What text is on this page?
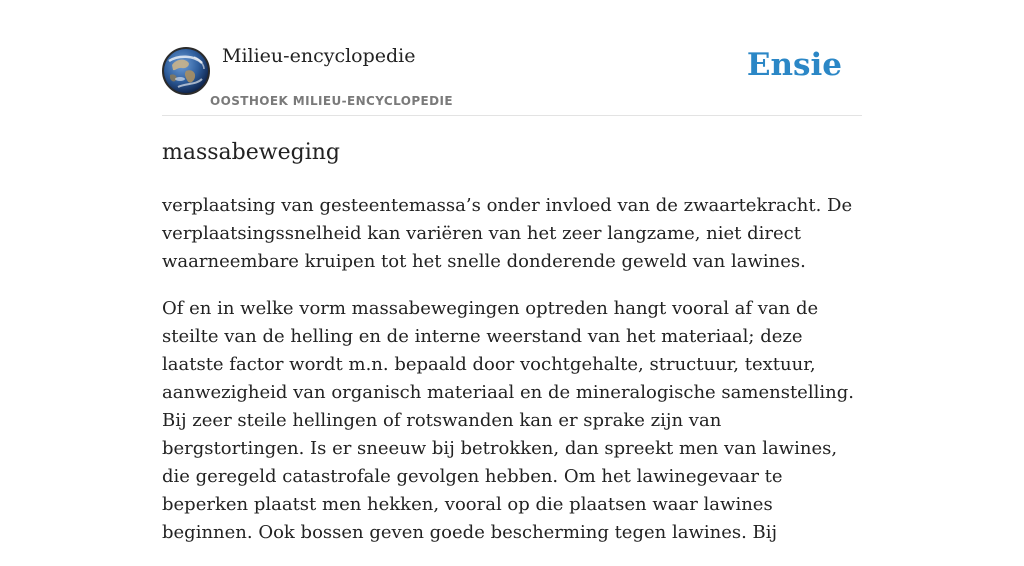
Milieu-encyclopedie
OOSTHOEK MILIEU-ENCYCLOPEDIE
Ensie
massabeweging

verplaatsing van gesteentemassa’s onder invloed van de zwaartekracht. De verplaatsingssnelheid kan variëren van het zeer langzame, niet direct waarneembare kruipen tot het snelle donderende geweld van lawines.

Of en in welke vorm massabewegingen optreden hangt vooral af van de steilte van de helling en de interne weerstand van het materiaal; deze laatste factor wordt m.n. bepaald door vochtgehalte, structuur, textuur, aanwezigheid van organisch materiaal en de mineralogische samenstelling. Bij zeer steile hellingen of rotswanden kan er sprake zijn van bergstortingen. Is er sneeuw bij betrokken, dan spreekt men van lawines, die geregeld catastrofale gevolgen hebben. Om het lawinegevaar te beperken plaatst men hekken, vooral op die plaatsen waar lawines beginnen. Ook bossen geven goede bescherming tegen lawines. Bij
